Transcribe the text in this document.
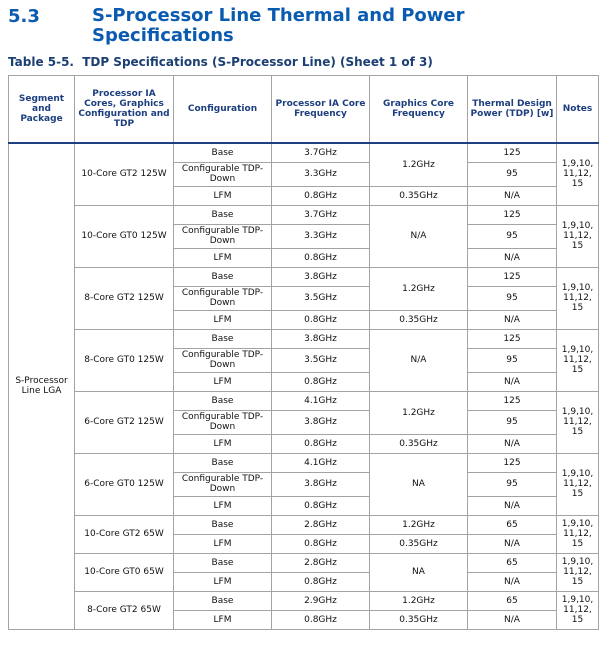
5.3	S-Processor Line Thermal and Power Specifications
Table 5-5. TDP Specifications (S-Processor Line) (Sheet 1 of 3)
Segment and Package	Processor IA Cores, Graphics Configuration and TDP	Configuration	Processor IA Core Frequency	Graphics Core Frequency	Thermal Design Power (TDP) [w]	Notes
S-Processor Line LGA	10-Core GT2 125W	Base	3.7GHz	1.2GHz	125	1,9,10, 11,12, 15
		Configurable TDP-Down	3.3GHz		95	
		LFM	0.8GHz	0.35GHz	N/A	
	10-Core GT0 125W	Base	3.7GHz	N/A	125	1,9,10, 11,12, 15
		Configurable TDP-Down	3.3GHz		95	
		LFM	0.8GHz		N/A	
	8-Core GT2 125W	Base	3.8GHz	1.2GHz	125	1,9,10, 11,12, 15
		Configurable TDP-Down	3.5GHz		95	
		LFM	0.8GHz	0.35GHz	N/A	
	8-Core GT0 125W	Base	3.8GHz	N/A	125	1,9,10, 11,12, 15
		Configurable TDP-Down	3.5GHz		95	
		LFM	0.8GHz		N/A	
	6-Core GT2 125W	Base	4.1GHz	1.2GHz	125	1,9,10, 11,12, 15
		Configurable TDP-Down	3.8GHz		95	
		LFM	0.8GHz	0.35GHz	N/A	
	6-Core GT0 125W	Base	4.1GHz	NA	125	1,9,10, 11,12, 15
		Configurable TDP-Down	3.8GHz		95	
		LFM	0.8GHz		N/A	
	10-Core GT2 65W	Base	2.8GHz	1.2GHz	65	1,9,10, 11,12, 15
		LFM	0.8GHz	0.35GHz	N/A	
	10-Core GT0 65W	Base	2.8GHz	NA	65	1,9,10, 11,12, 15
		LFM	0.8GHz		N/A	
	8-Core GT2 65W	Base	2.9GHz	1.2GHz	65	1,9,10, 11,12, 15
		LFM	0.8GHz	0.35GHz	N/A	
